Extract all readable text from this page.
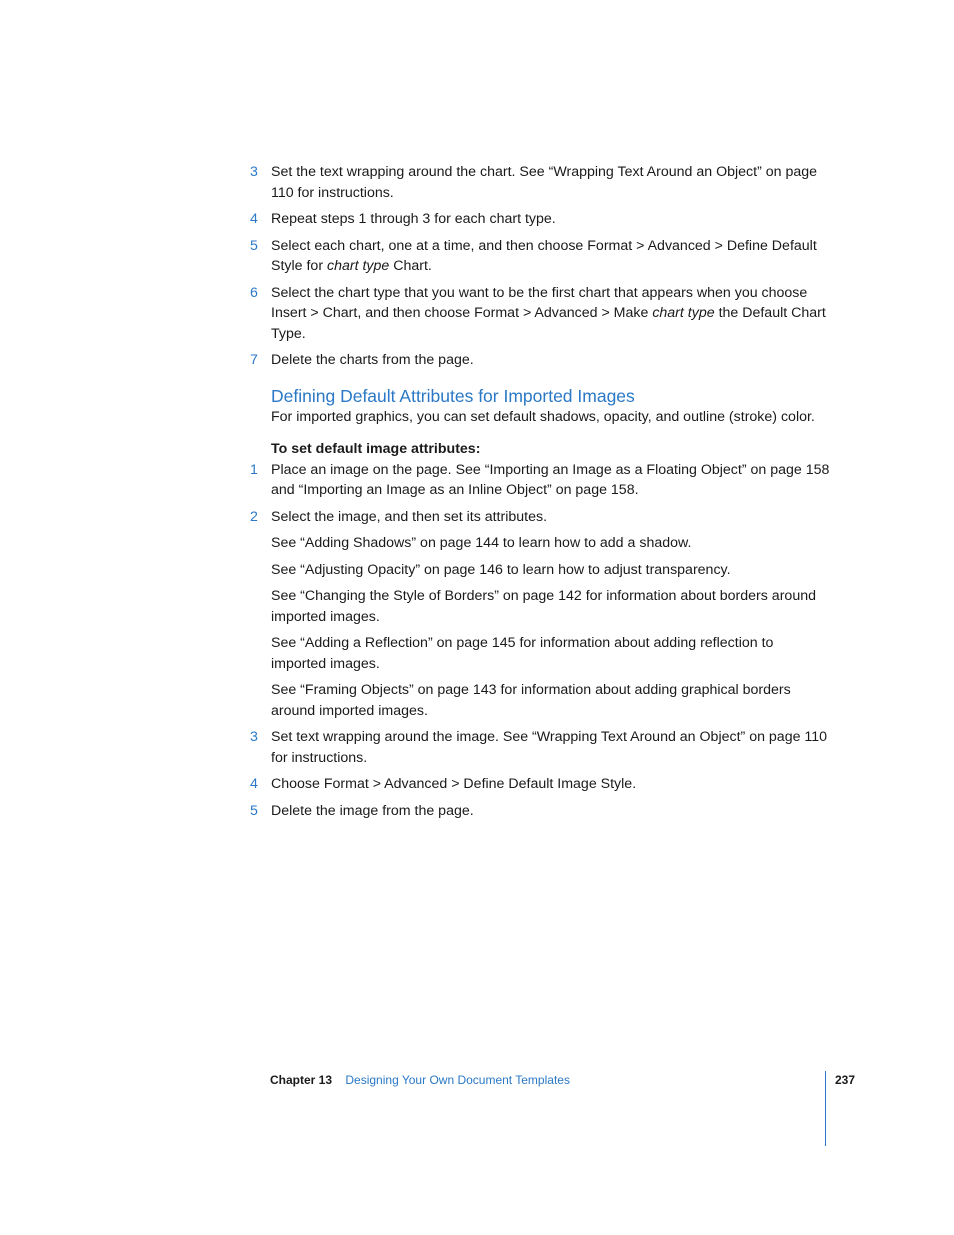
3 Set the text wrapping around the chart. See “Wrapping Text Around an Object” on page 110 for instructions.
4 Repeat steps 1 through 3 for each chart type.
5 Select each chart, one at a time, and then choose Format > Advanced > Define Default Style for chart type Chart.
6 Select the chart type that you want to be the first chart that appears when you choose Insert > Chart, and then choose Format > Advanced > Make chart type the Default Chart Type.
7 Delete the charts from the page.
Defining Default Attributes for Imported Images
For imported graphics, you can set default shadows, opacity, and outline (stroke) color.
To set default image attributes:
1 Place an image on the page. See “Importing an Image as a Floating Object” on page 158 and “Importing an Image as an Inline Object” on page 158.
2 Select the image, and then set its attributes.
See “Adding Shadows” on page 144 to learn how to add a shadow.
See “Adjusting Opacity” on page 146 to learn how to adjust transparency.
See “Changing the Style of Borders” on page 142 for information about borders around imported images.
See “Adding a Reflection” on page 145 for information about adding reflection to imported images.
See “Framing Objects” on page 143 for information about adding graphical borders around imported images.
3 Set text wrapping around the image. See “Wrapping Text Around an Object” on page 110 for instructions.
4 Choose Format > Advanced > Define Default Image Style.
5 Delete the image from the page.
Chapter 13 Designing Your Own Document Templates	237
